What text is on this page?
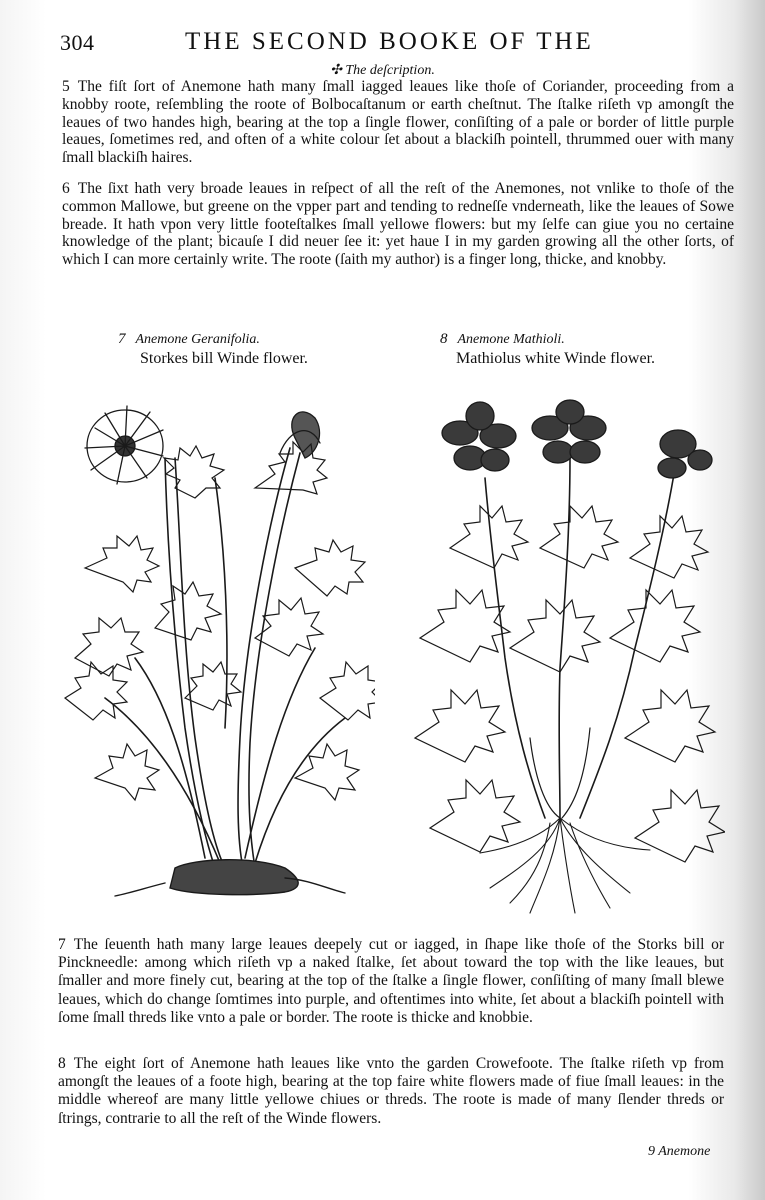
304	THE SECOND BOOKE OF THE
✣ The deſcription.
5 The fiſt ſort of Anemone hath many ſmall iagged leaues like thoſe of Coriander, proceeding from a knobby roote, reſembling the roote of Bolbocaſtanum or earth cheſtnut. The ſtalke riſeth vp amongſt the leaues of two handes high, bearing at the top a ſingle flower, conſiſting of a pale or border of little purple leaues, ſometimes red, and often of a white colour ſet about a blackiſh pointell, thrummed ouer with many ſmall blackiſh haires.
6 The ſixt hath very broade leaues in reſpect of all the reſt of the Anemones, not vnlike to thoſe of the common Mallowe, but greene on the vpper part and tending to redneſſe vnderneath, like the leaues of Sowe breade. It hath vpon very little footeſtalkes ſmall yellowe flowers: but my ſelfe can giue you no certaine knowledge of the plant; bicauſe I did neuer ſee it: yet haue I in my garden growing all the other ſorts, of which I can more certainly write. The roote (ſaith my author) is a finger long, thicke, and knobby.
7 Anemone Geranifolia.
Storkes bill Winde flower.
8 Anemone Mathioli.
Mathiolus white Winde flower.
7 The ſeuenth hath many large leaues deepely cut or iagged, in ſhape like thoſe of the Storks bill or Pinckneedle: among which riſeth vp a naked ſtalke, ſet about toward the top with the like leaues, but ſmaller and more finely cut, bearing at the top of the ſtalke a ſingle flower, conſiſting of many ſmall blewe leaues, which do change ſomtimes into purple, and oftentimes into white, ſet about a blackiſh pointell with ſome ſmall threds like vnto a pale or border. The roote is thicke and knobbie.
8 The eight ſort of Anemone hath leaues like vnto the garden Crowefoote. The ſtalke riſeth vp from amongſt the leaues of a foote high, bearing at the top faire white flowers made of fiue ſmall leaues: in the middle whereof are many little yellowe chiues or threds. The roote is made of many ſlender threds or ſtrings, contrarie to all the reſt of the Winde flowers.
9 Anemone
